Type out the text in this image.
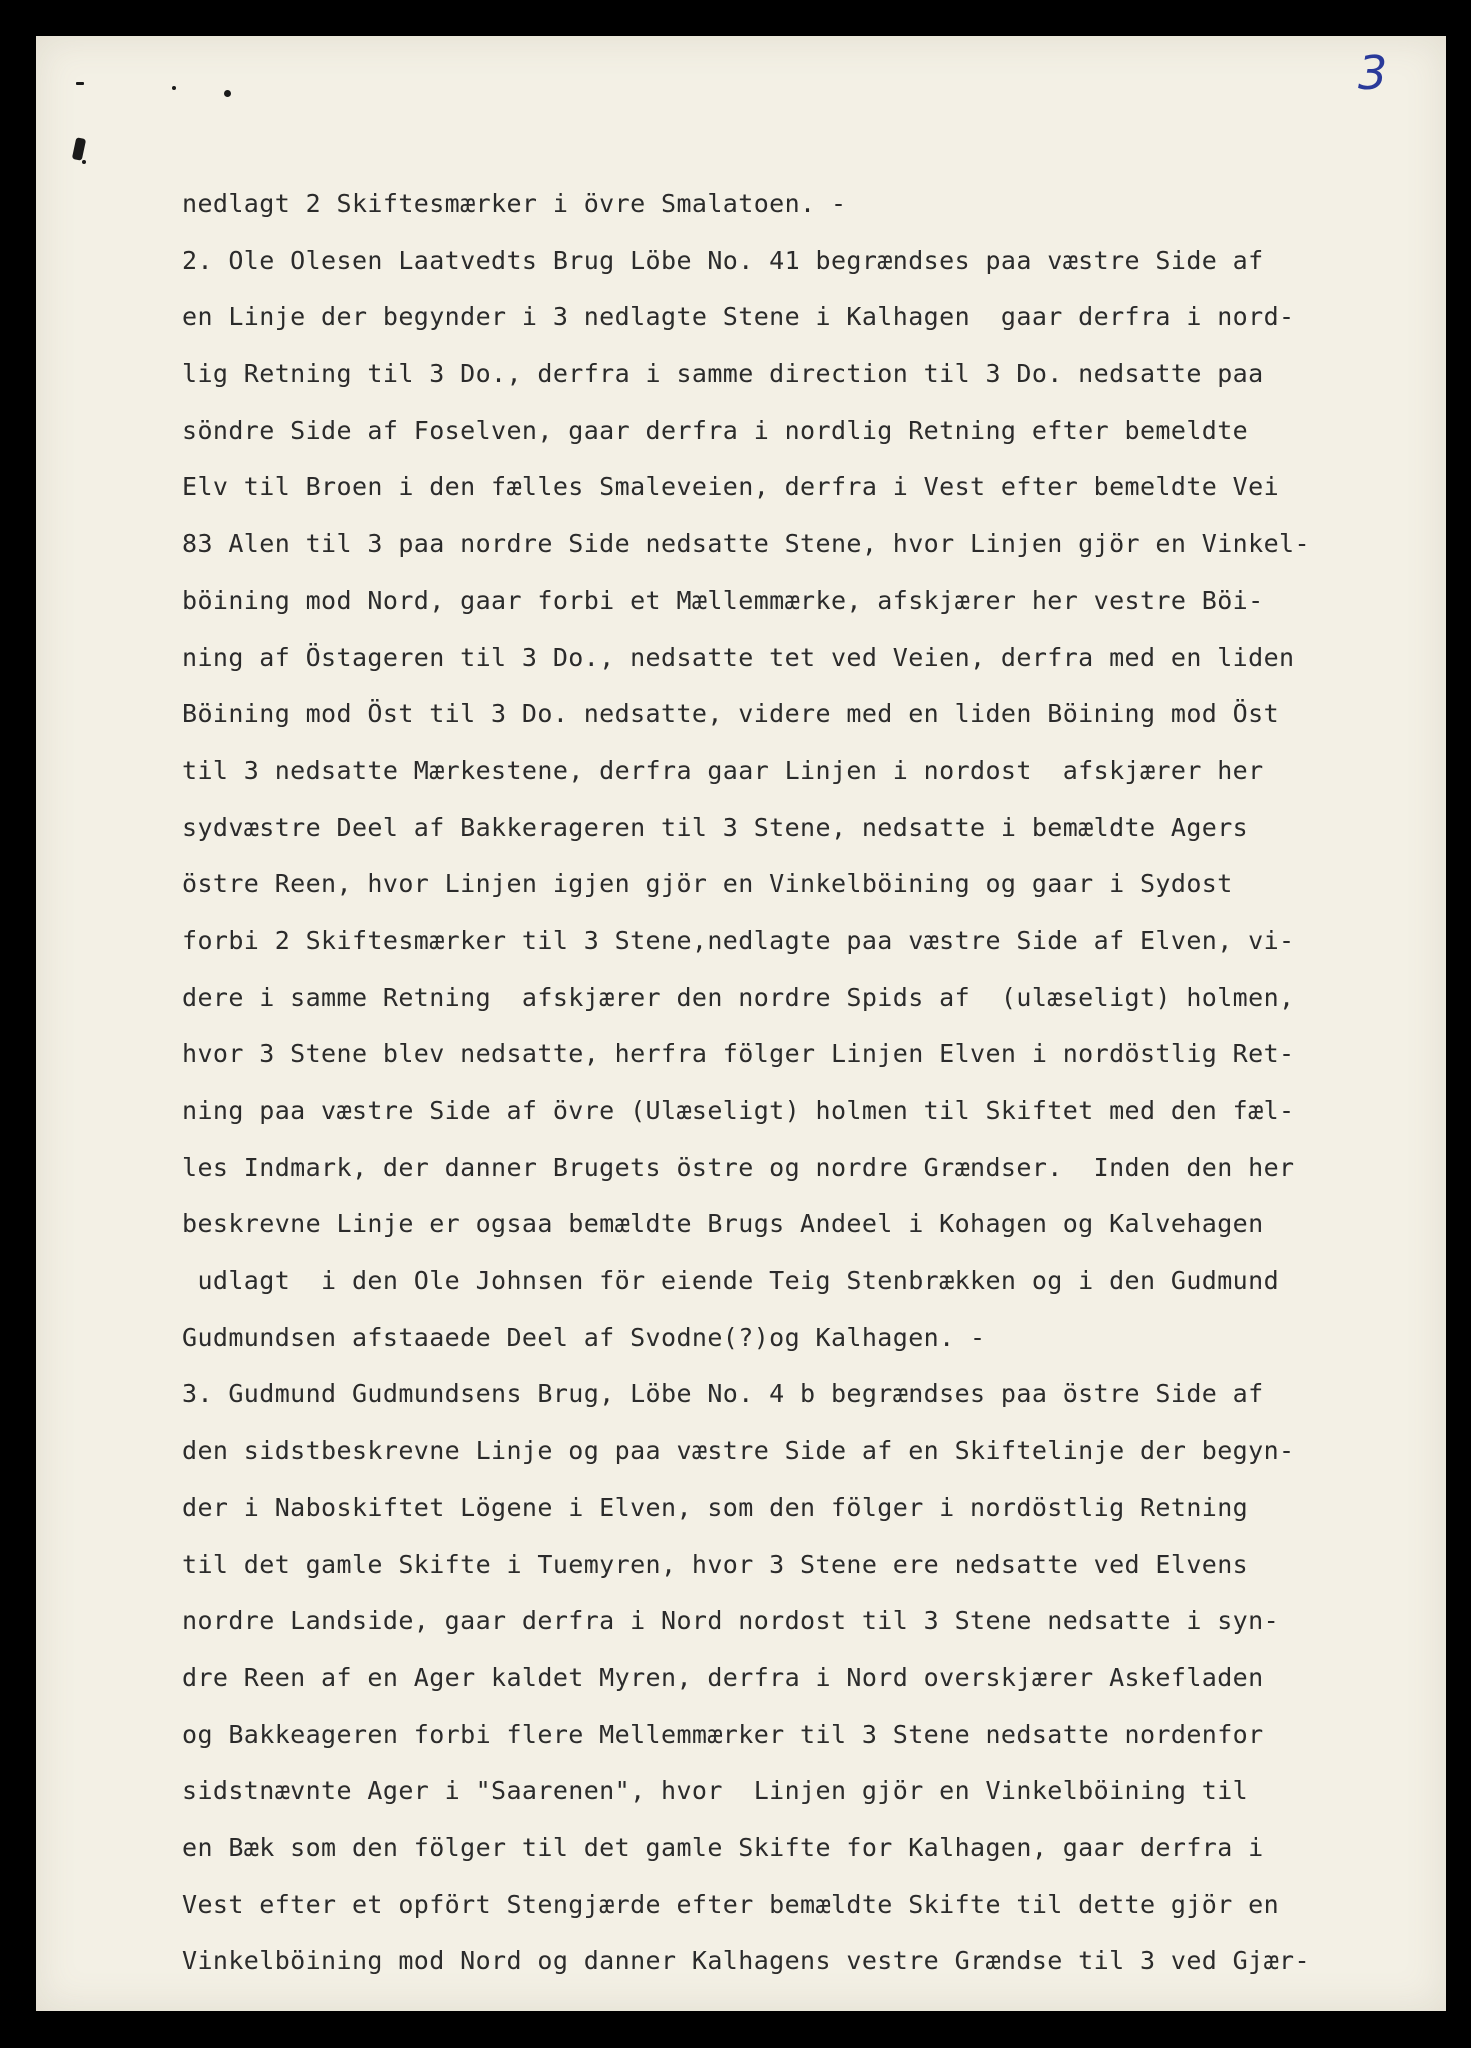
3
nedlagt 2 Skiftesmærker i övre Smalatoen. -
2. Ole Olesen Laatvedts Brug Löbe No. 41 begrændses paa væstre Side af
en Linje der begynder i 3 nedlagte Stene i Kalhagen  gaar derfra i nord-
lig Retning til 3 Do., derfra i samme direction til 3 Do. nedsatte paa
söndre Side af Foselven, gaar derfra i nordlig Retning efter bemeldte
Elv til Broen i den fælles Smaleveien, derfra i Vest efter bemeldte Vei
83 Alen til 3 paa nordre Side nedsatte Stene, hvor Linjen gjör en Vinkel-
böining mod Nord, gaar forbi et Mællemmærke, afskjærer her vestre Böi-
ning af Östageren til 3 Do., nedsatte tet ved Veien, derfra med en liden
Böining mod Öst til 3 Do. nedsatte, videre med en liden Böining mod Öst
til 3 nedsatte Mærkestene, derfra gaar Linjen i nordost  afskjærer her
sydvæstre Deel af Bakkerageren til 3 Stene, nedsatte i bemældte Agers
östre Reen, hvor Linjen igjen gjör en Vinkelböining og gaar i Sydost
forbi 2 Skiftesmærker til 3 Stene,nedlagte paa væstre Side af Elven, vi-
dere i samme Retning  afskjærer den nordre Spids af  (ulæseligt) holmen,
hvor 3 Stene blev nedsatte, herfra fölger Linjen Elven i nordöstlig Ret-
ning paa væstre Side af övre (Ulæseligt) holmen til Skiftet med den fæl-
les Indmark, der danner Brugets östre og nordre Grændser.  Inden den her
beskrevne Linje er ogsaa bemældte Brugs Andeel i Kohagen og Kalvehagen
udlagt  i den Ole Johnsen för eiende Teig Stenbrækken og i den Gudmund
Gudmundsen afstaaede Deel af Svodne(?)og Kalhagen. -
3. Gudmund Gudmundsens Brug, Löbe No. 4 b begrændses paa östre Side af
den sidstbeskrevne Linje og paa væstre Side af en Skiftelinje der begyn-
der i Naboskiftet Lögene i Elven, som den fölger i nordöstlig Retning
til det gamle Skifte i Tuemyren, hvor 3 Stene ere nedsatte ved Elvens
nordre Landside, gaar derfra i Nord nordost til 3 Stene nedsatte i syn-
dre Reen af en Ager kaldet Myren, derfra i Nord overskjærer Askefladen
og Bakkeageren forbi flere Mellemmærker til 3 Stene nedsatte nordenfor
sidstnævnte Ager i "Saarenen", hvor  Linjen gjör en Vinkelböining til
en Bæk som den fölger til det gamle Skifte for Kalhagen, gaar derfra i
Vest efter et opfört Stengjærde efter bemældte Skifte til dette gjör en
Vinkelböining mod Nord og danner Kalhagens vestre Grændse til 3 ved Gjær-
